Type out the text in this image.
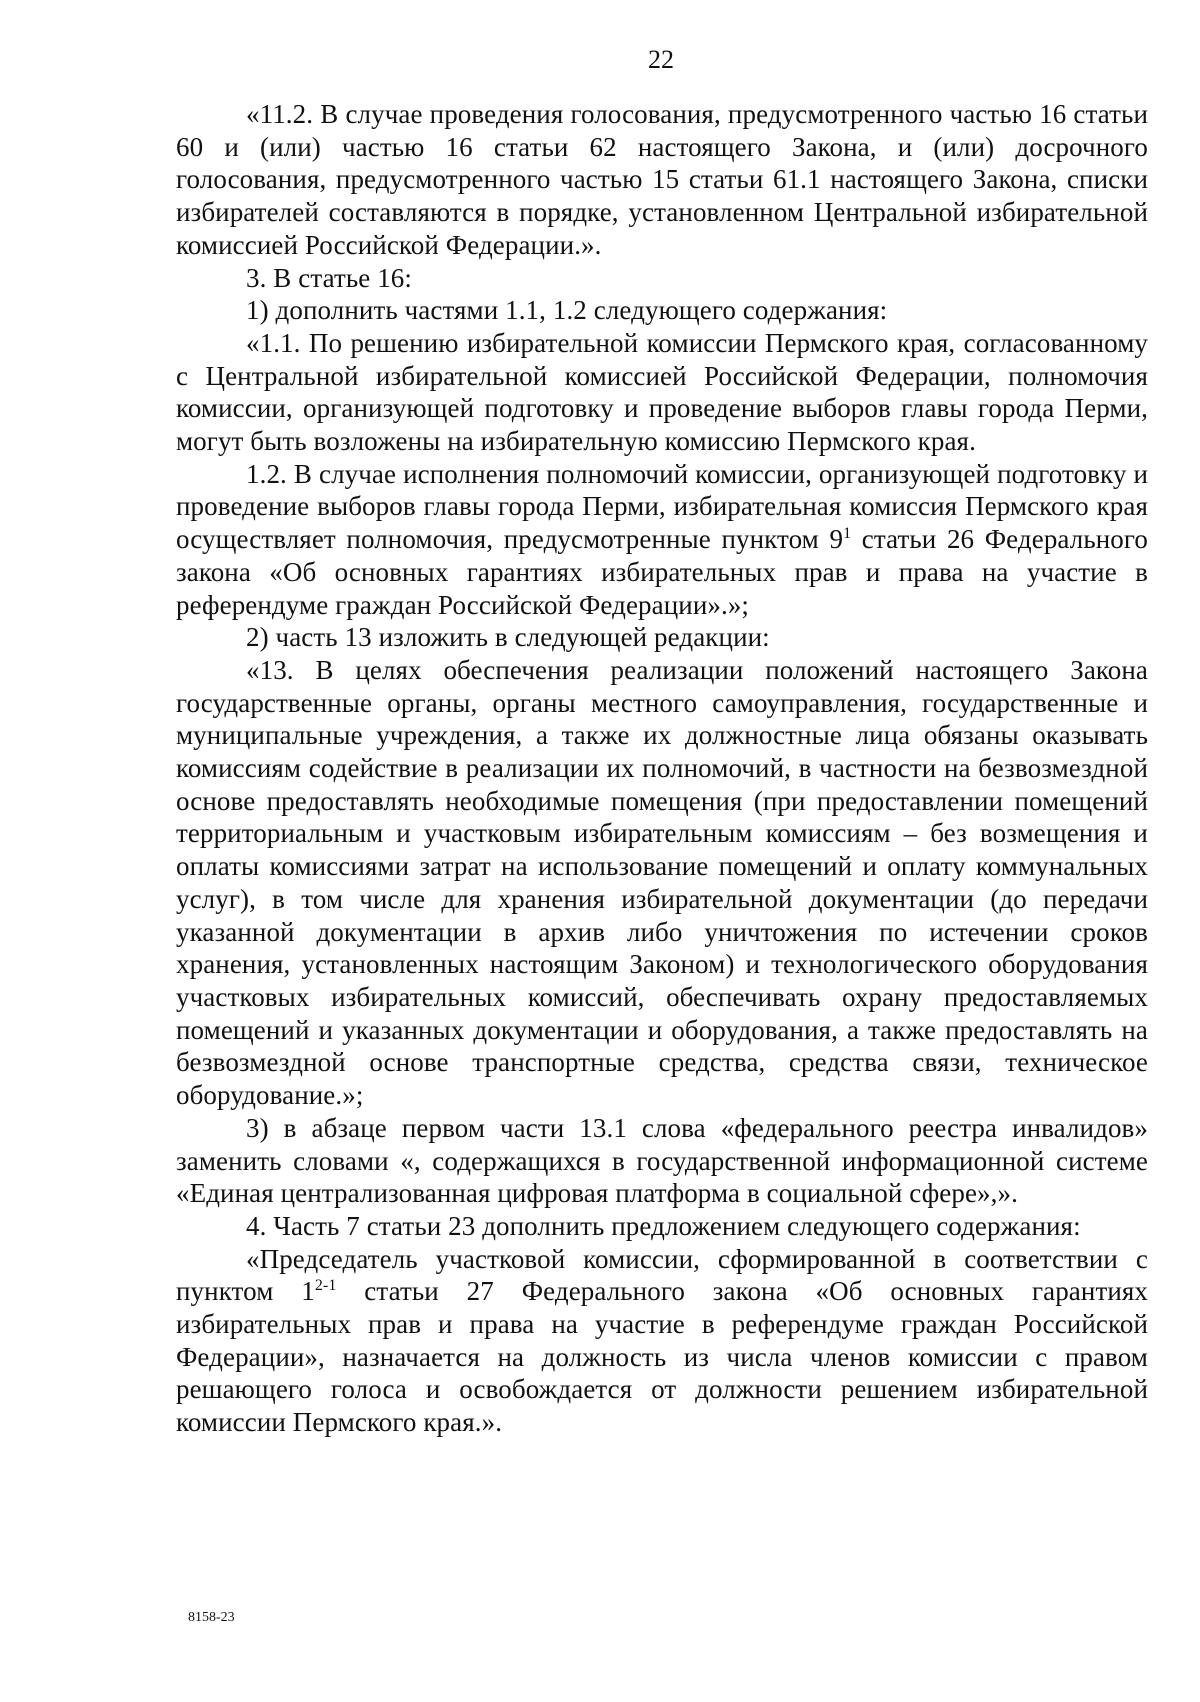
22

«11.2. В случае проведения голосования, предусмотренного частью 16 статьи 60 и (или) частью 16 статьи 62 настоящего Закона, и (или) досрочного голосования, предусмотренного частью 15 статьи 61.1 настоящего Закона, списки избирателей составляются в порядке, установленном Центральной избирательной комиссией Российской Федерации.».

3. В статье 16:

1) дополнить частями 1.1, 1.2 следующего содержания:

«1.1. По решению избирательной комиссии Пермского края, согласованному с Центральной избирательной комиссией Российской Федерации, полномочия комиссии, организующей подготовку и проведение выборов главы города Перми, могут быть возложены на избирательную комиссию Пермского края.

1.2. В случае исполнения полномочий комиссии, организующей подготовку и проведение выборов главы города Перми, избирательная комиссия Пермского края осуществляет полномочия, предусмотренные пунктом $9^1$ статьи 26 Федерального закона «Об основных гарантиях избирательных прав и права на участие в референдуме граждан Российской Федерации».»;

2) часть 13 изложить в следующей редакции:

«13. В целях обеспечения реализации положений настоящего Закона государственные органы, органы местного самоуправления, государственные и муниципальные учреждения, а также их должностные лица обязаны оказывать комиссиям содействие в реализации их полномочий, в частности на безвозмездной основе предоставлять необходимые помещения (при предоставлении помещений территориальным и участковым избирательным комиссиям – без возмещения и оплаты комиссиями затрат на использование помещений и оплату коммунальных услуг), в том числе для хранения избирательной документации (до передачи указанной документации в архив либо уничтожения по истечении сроков хранения, установленных настоящим Законом) и технологического оборудования участковых избирательных комиссий, обеспечивать охрану предоставляемых помещений и указанных документации и оборудования, а также предоставлять на безвозмездной основе транспортные средства, средства связи, техническое оборудование.»;

3) в абзаце первом части 13.1 слова «федерального реестра инвалидов» заменить словами «, содержащихся в государственной информационной системе «Единая централизованная цифровая платформа в социальной сфере»,».

4. Часть 7 статьи 23 дополнить предложением следующего содержания:

«Председатель участковой комиссии, сформированной в соответствии с пунктом 1$^{2-1}$ статьи 27 Федерального закона «Об основных гарантиях избирательных прав и права на участие в референдуме граждан Российской Федерации», назначается на должность из числа членов комиссии с правом решающего голоса и освобождается от должности решением избирательной комиссии Пермского края.».

8158-23
